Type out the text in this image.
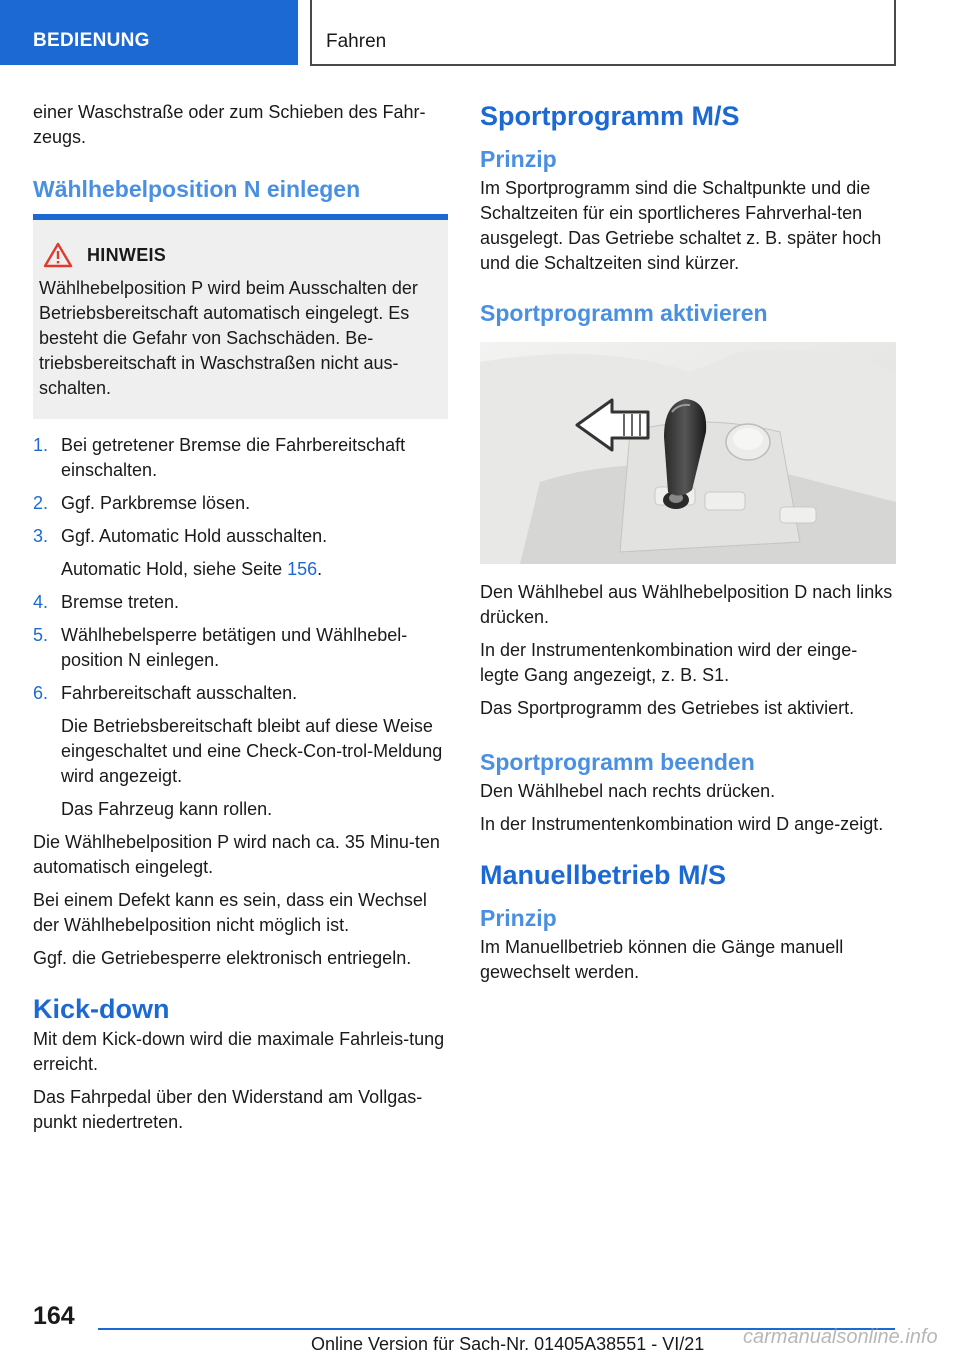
BEDIENUNG	Fahren

einer Waschstraße oder zum Schieben des Fahr-zeugs.

Wählhebelposition N einlegen
HINWEIS

Wählhebelposition P wird beim Ausschalten der Betriebsbereitschaft automatisch eingelegt. Es besteht die Gefahr von Sachschäden. Be-triebsbereitschaft in Waschstraßen nicht aus-schalten.

1. Bei getretener Bremse die Fahrbereitschaft einschalten.

2. Ggf. Parkbremse lösen.

3. Ggf. Automatic Hold ausschalten.

Automatic Hold, siehe Seite 156.

4. Bremse treten.

5. Wählhebelsperre betätigen und Wählhebel-position N einlegen.

6. Fahrbereitschaft ausschalten.

Die Betriebsbereitschaft bleibt auf diese Weise eingeschaltet und eine Check-Con-trol-Meldung wird angezeigt.

Das Fahrzeug kann rollen.

Die Wählhebelposition P wird nach ca. 35 Minu-ten automatisch eingelegt.

Bei einem Defekt kann es sein, dass ein Wechsel der Wählhebelposition nicht möglich ist.

Ggf. die Getriebesperre elektronisch entriegeln.

Kick-down

Mit dem Kick-down wird die maximale Fahrleis-tung erreicht.

Das Fahrpedal über den Widerstand am Vollgas-punkt niedertreten.

Sportprogramm M/S
Prinzip

Im Sportprogramm sind die Schaltpunkte und die Schaltzeiten für ein sportlicheres Fahrverhal-ten ausgelegt. Das Getriebe schaltet z. B. später hoch und die Schaltzeiten sind kürzer.

Sportprogramm aktivieren

Den Wählhebel aus Wählhebelposition D nach links drücken.

In der Instrumentenkombination wird der einge-legte Gang angezeigt, z. B. S1.

Das Sportprogramm des Getriebes ist aktiviert.

Sportprogramm beenden

Den Wählhebel nach rechts drücken.

In der Instrumentenkombination wird D ange-zeigt.

Manuellbetrieb M/S
Prinzip

Im Manuellbetrieb können die Gänge manuell gewechselt werden.

164
Online Version für Sach-Nr. 01405A38551 - VI/21 carmanualsonline.info
